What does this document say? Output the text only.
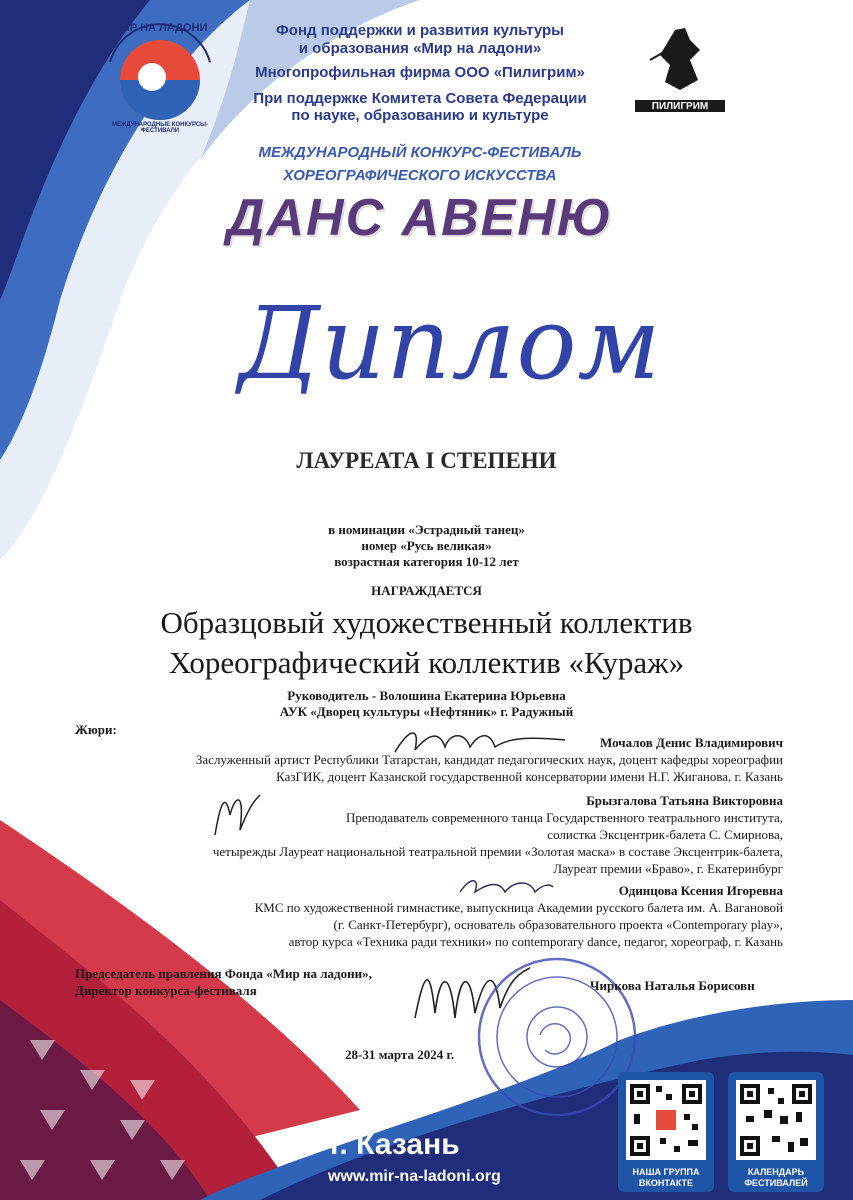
МИР НА ЛАДОНИ
МЕЖДУНАРОДНЫЕ КОНКУРСЫ-ФЕСТИВАЛИ
ПИЛИГРИМ
Фонд поддержки и развития культуры
и образования «Мир на ладони»
Многопрофильная фирма ООО «Пилигрим»
При поддержке Комитета Совета Федерации
по науке, образованию и культуре
МЕЖДУНАРОДНЫЙ КОНКУРС-ФЕСТИВАЛЬ
ХОРЕОГРАФИЧЕСКОГО ИСКУССТВА
ДАНС АВЕНЮ
Диплом
ЛАУРЕАТА I СТЕПЕНИ
в номинации «Эстрадный танец»
номер «Русь великая»
возрастная категория 10-12 лет
НАГРАЖДАЕТСЯ
Образцовый художественный коллектив
Хореографический коллектив «Кураж»
Руководитель - Волошина Екатерина Юрьевна
АУК «Дворец культуры «Нефтяник» г. Радужный
Жюри:
Мочалов Денис Владимирович
Заслуженный артист Республики Татарстан, кандидат педагогических наук, доцент кафедры хореографии
КазГИК, доцент Казанской государственной консерватории имени Н.Г. Жиганова, г. Казань
Брызгалова Татьяна Викторовна
Преподаватель современного танца Государственного театрального института,
солистка Эксцентрик-балета С. Смирнова,
четырежды Лауреат национальной театральной премии «Золотая маска» в составе Эксцентрик-балета,
Лауреат премии «Браво», г. Екатеринбург
Одинцова Ксения Игоревна
КМС по художественной гимнастике, выпускница Академии русского балета им. А. Вагановой
(г. Санкт-Петербург), основатель образовательного проекта «Contemporary play»,
автор курса «Техника ради техники» по contemporary dance, педагог, хореограф, г. Казань
Председатель правления Фонда «Мир на ладони»,
Директор конкурса-фестиваля	Чиркова Наталья Борисовн
28-31 марта 2024 г.
г. Казань
www.mir-na-ladoni.org	НАША ГРУППА
ВКОНТАКТЕ
КАЛЕНДАРЬ
ФЕСТИВАЛЕЙ
